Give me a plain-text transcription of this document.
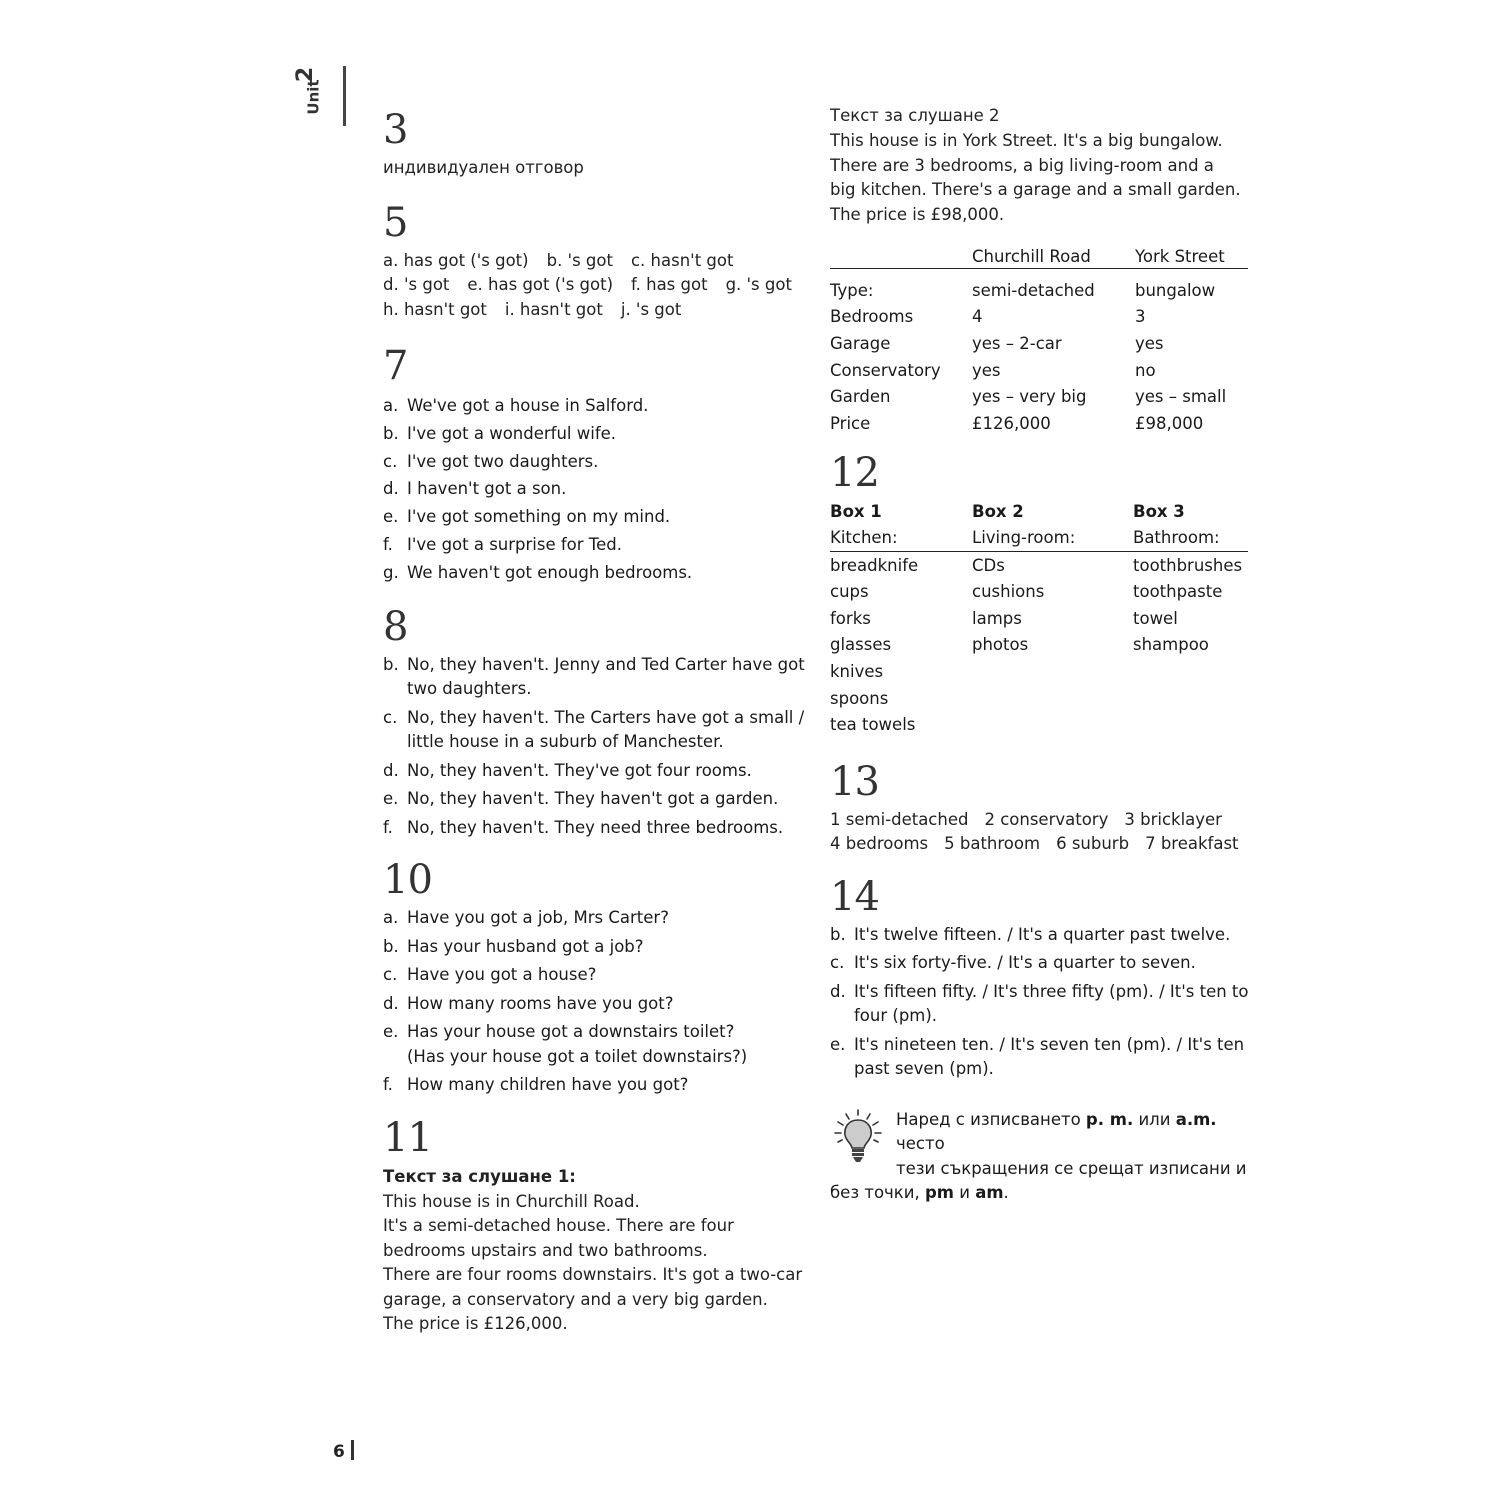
Unit
2
3
индивидуален отговор
5
a. has got ('s got) b. 's got c. hasn't got
d. 's got e. has got ('s got) f. has got g. 's got
h. hasn't got i. hasn't got j. 's got
7
a. We've got a house in Salford.
b. I've got a wonderful wife.
c. I've got two daughters.
d. I haven't got a son.
e. I've got something on my mind.
f. I've got a surprise for Ted.
g. We haven't got enough bedrooms.
8
b. No, they haven't. Jenny and Ted Carter have got two daughters.
c. No, they haven't. The Carters have got a small / little house in a suburb of Manchester.
d. No, they haven't. They've got four rooms.
e. No, they haven't. They haven't got a garden.
f. No, they haven't. They need three bedrooms.
10
a. Have you got a job, Mrs Carter?
b. Has your husband got a job?
c. Have you got a house?
d. How many rooms have you got?
e. Has your house got a downstairs toilet? (Has your house got a toilet downstairs?)
f. How many children have you got?
11
Текст за слушане 1:
This house is in Churchill Road.
It's a semi-detached house. There are four
bedrooms upstairs and two bathrooms.
There are four rooms downstairs. It's got a two-car
garage, a conservatory and a very big garden.
The price is £126,000.
Текст за слушане 2
This house is in York Street. It's a big bungalow.
There are 3 bedrooms, a big living-room and a
big kitchen. There's a garage and a small garden.
The price is £98,000.
	Churchill Road	York Street
Type:	semi-detached	bungalow
Bedrooms	4	3
Garage	yes – 2-car	yes
Conservatory	yes	no
Garden	yes – very big	yes – small
Price	£126,000	£98,000
12
Box 1	Box 2	Box 3
Kitchen:	Living-room:	Bathroom:
breadknife	CDs	toothbrushes
cups	cushions	toothpaste
forks	lamps	towel
glasses	photos	shampoo
knives		
spoons		
tea towels		
13
1 semi-detached 2 conservatory 3 bricklayer
4 bedrooms 5 bathroom 6 suburb 7 breakfast
14
b. It's twelve fifteen. / It's a quarter past twelve.
c. It's six forty-five. / It's a quarter to seven.
d. It's fifteen fifty. / It's three fifty (pm). / It's ten to four (pm).
e. It's nineteen ten. / It's seven ten (pm). / It's ten past seven (pm).
Наред с изписването p. m. или a.m. често
тези съкращения се срещат изписани и
без точки, pm и am.
6
